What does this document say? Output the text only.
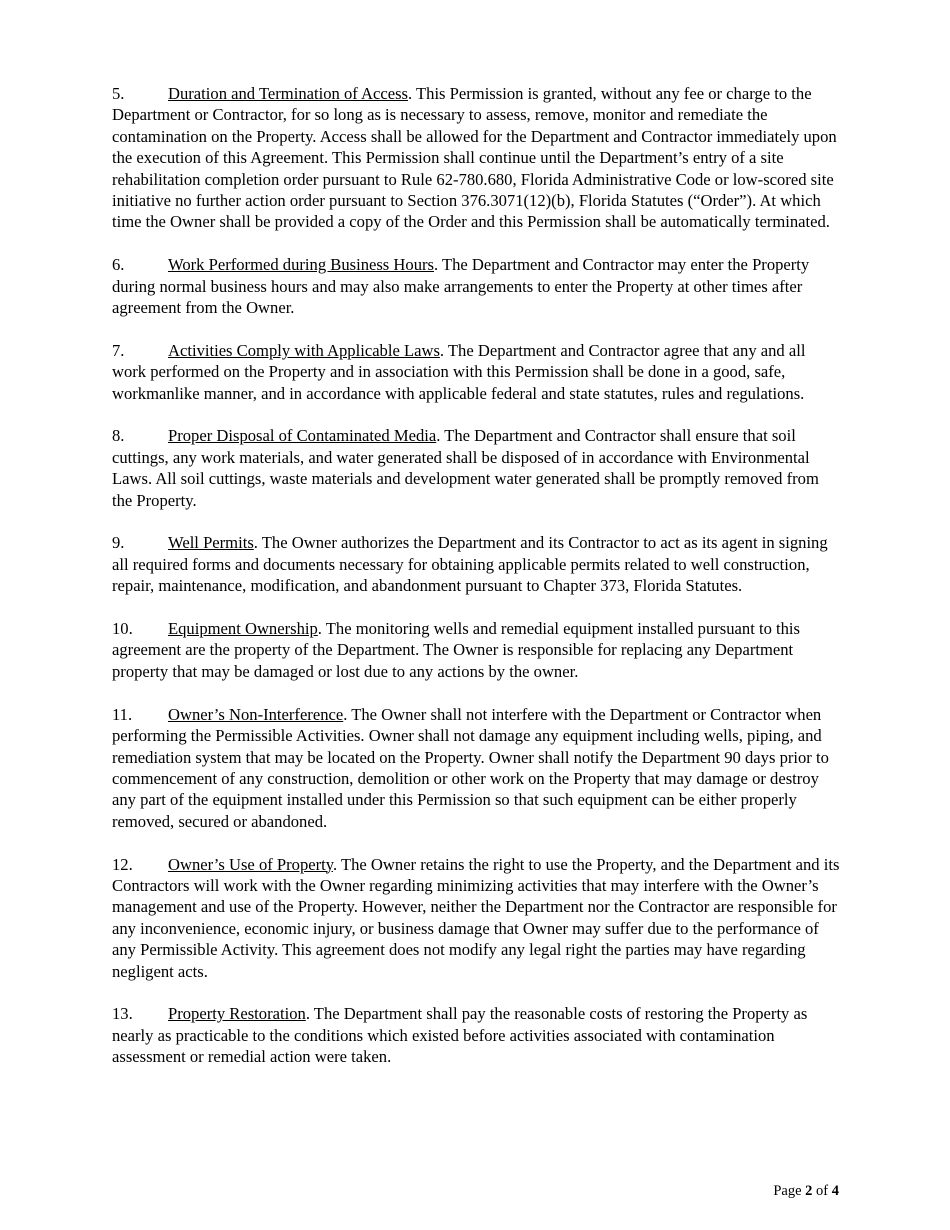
5.	Duration and Termination of Access. This Permission is granted, without any fee or charge to the Department or Contractor, for so long as is necessary to assess, remove, monitor and remediate the contamination on the Property. Access shall be allowed for the Department and Contractor immediately upon the execution of this Agreement. This Permission shall continue until the Department’s entry of a site rehabilitation completion order pursuant to Rule 62-780.680, Florida Administrative Code or low-scored site initiative no further action order pursuant to Section 376.3071(12)(b), Florida Statutes (“Order”). At which time the Owner shall be provided a copy of the Order and this Permission shall be automatically terminated.

6.	Work Performed during Business Hours. The Department and Contractor may enter the Property during normal business hours and may also make arrangements to enter the Property at other times after agreement from the Owner.

7.	Activities Comply with Applicable Laws. The Department and Contractor agree that any and all work performed on the Property and in association with this Permission shall be done in a good, safe, workmanlike manner, and in accordance with applicable federal and state statutes, rules and regulations.

8.	Proper Disposal of Contaminated Media. The Department and Contractor shall ensure that soil cuttings, any work materials, and water generated shall be disposed of in accordance with Environmental Laws. All soil cuttings, waste materials and development water generated shall be promptly removed from the Property.

9.	Well Permits. The Owner authorizes the Department and its Contractor to act as its agent in signing all required forms and documents necessary for obtaining applicable permits related to well construction, repair, maintenance, modification, and abandonment pursuant to Chapter 373, Florida Statutes.

10. Equipment Ownership. The monitoring wells and remedial equipment installed pursuant to this agreement are the property of the Department. The Owner is responsible for replacing any Department property that may be damaged or lost due to any actions by the owner.

11. Owner’s Non-Interference. The Owner shall not interfere with the Department or Contractor when performing the Permissible Activities. Owner shall not damage any equipment including wells, piping, and remediation system that may be located on the Property. Owner shall notify the Department 90 days prior to commencement of any construction, demolition or other work on the Property that may damage or destroy any part of the equipment installed under this Permission so that such equipment can be either properly removed, secured or abandoned.

12. Owner’s Use of Property. The Owner retains the right to use the Property, and the Department and its Contractors will work with the Owner regarding minimizing activities that may interfere with the Owner’s management and use of the Property. However, neither the Department nor the Contractor are responsible for any inconvenience, economic injury, or business damage that Owner may suffer due to the performance of any Permissible Activity. This agreement does not modify any legal right the parties may have regarding negligent acts.

13. Property Restoration. The Department shall pay the reasonable costs of restoring the Property as nearly as practicable to the conditions which existed before activities associated with contamination assessment or remedial action were taken.

Page 2 of 4
